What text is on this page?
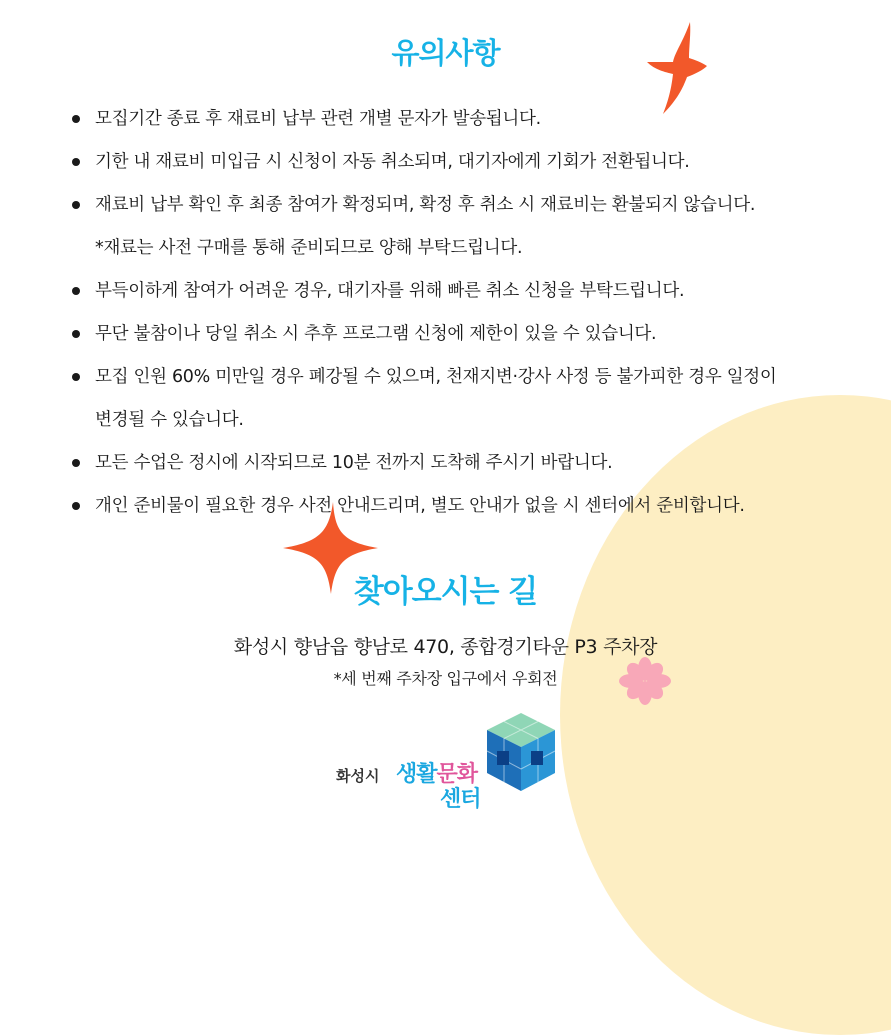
유의사항
모집기간 종료 후 재료비 납부 관련 개별 문자가 발송됩니다.
기한 내 재료비 미입금 시 신청이 자동 취소되며, 대기자에게 기회가 전환됩니다.
재료비 납부 확인 후 최종 참여가 확정되며, 확정 후 취소 시 재료비는 환불되지 않습니다.
*재료는 사전 구매를 통해 준비되므로 양해 부탁드립니다.
부득이하게 참여가 어려운 경우, 대기자를 위해 빠른 취소 신청을 부탁드립니다.
무단 불참이나 당일 취소 시 추후 프로그램 신청에 제한이 있을 수 있습니다.
모집 인원 60% 미만일 경우 폐강될 수 있으며, 천재지변·강사 사정 등 불가피한 경우 일정이
변경될 수 있습니다.
모든 수업은 정시에 시작되므로 10분 전까지 도착해 주시기 바랍니다.
개인 준비물이 필요한 경우 사전 안내드리며, 별도 안내가 없을 시 센터에서 준비합니다.
찾아오시는 길
화성시 향남읍 향남로 470, 종합경기타운 P3 주차장
*세 번째 주차장 입구에서 우회전
화성시 생활문화
센터
